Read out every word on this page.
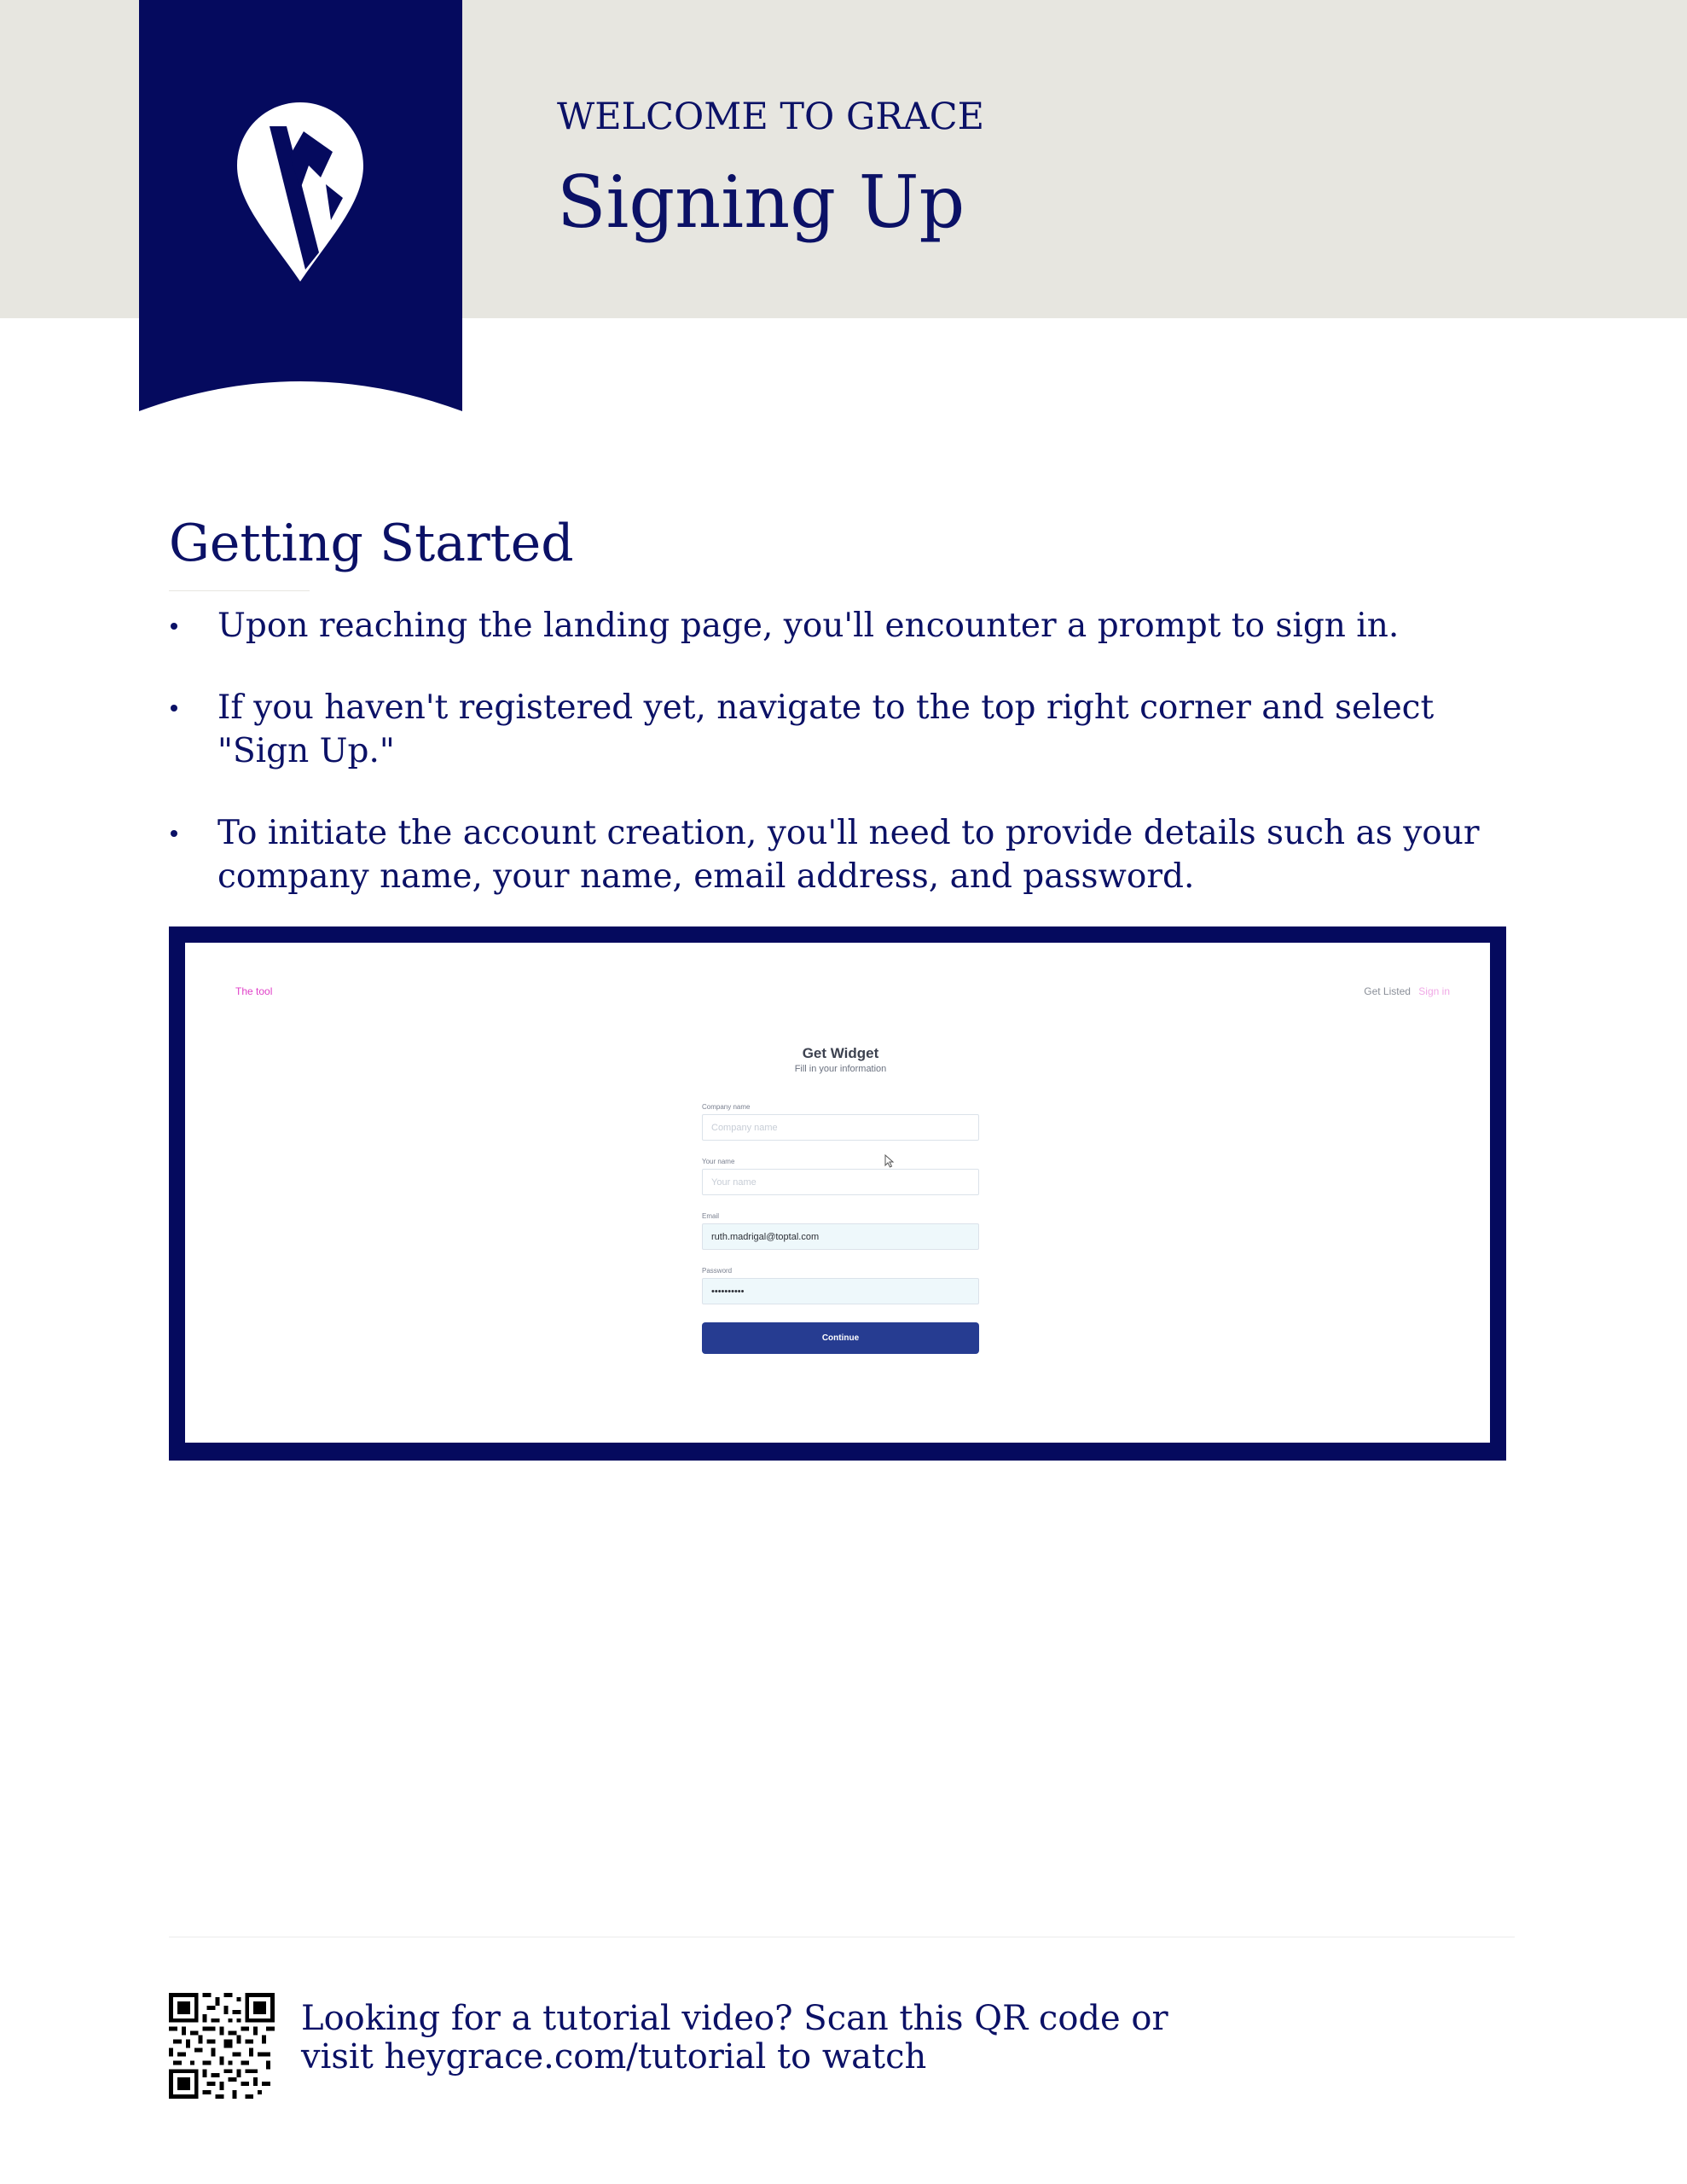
WELCOME TO GRACE
Signing Up
Getting Started
Upon reaching the landing page, you'll encounter a prompt to sign in.
If you haven't registered yet, navigate to the top right corner and select "Sign Up."
To initiate the account creation, you'll need to provide details such as your company name, your name, email address, and password.
The tool	Get Listed Sign in
Get Widget
Fill in your information
Company name
Company name
Your name
Your name
Email
ruth.madrigal@toptal.com
Password
•••••••••• Continue
Looking for a tutorial video? Scan this QR code or
visit heygrace.com/tutorial to watch
